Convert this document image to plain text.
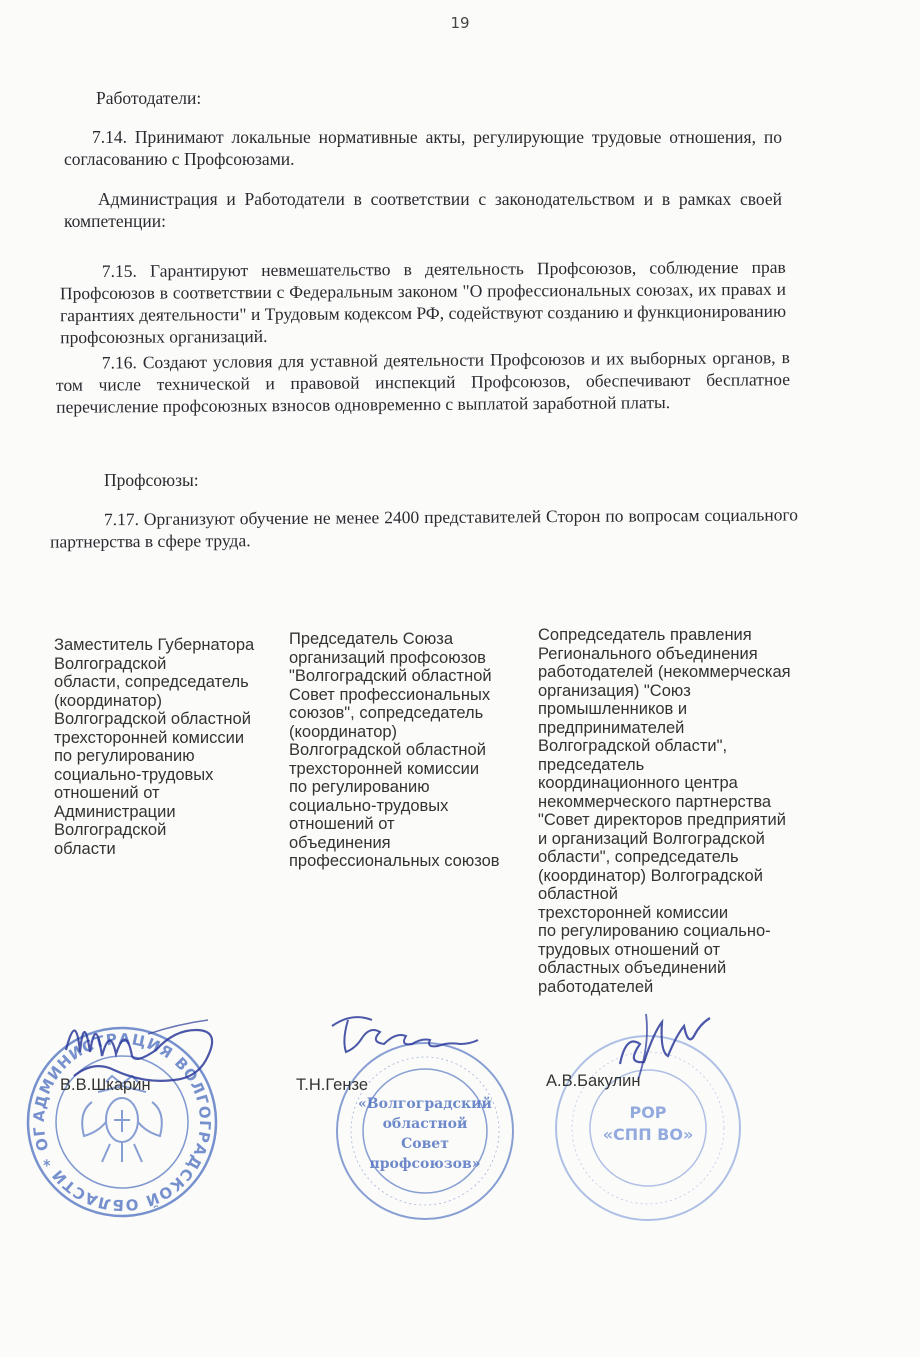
19

Работодатели:

7.14. Принимают локальные нормативные акты, регулирующие трудовые отношения, по согласованию с Профсоюзами.

Администрация и Работодатели в соответствии с законодательством и в рамках своей компетенции:

7.15. Гарантируют невмешательство в деятельность Профсоюзов, соблюдение прав Профсоюзов в соответствии с Федеральным законом "О профессиональных союзах, их правах и гарантиях деятельности" и Трудовым кодексом РФ, содействуют созданию и функционированию профсоюзных организаций.

7.16. Создают условия для уставной деятельности Профсоюзов и их выборных органов, в том числе технической и правовой инспекций Профсоюзов, обеспечивают бесплатное перечисление профсоюзных взносов одновременно с выплатой заработной платы.

Профсоюзы:

7.17. Организуют обучение не менее 2400 представителей Сторон по вопросам социального партнерства в сфере труда.

Заместитель Губернатора
Волгоградской
области, сопредседатель
(координатор)
Волгоградской областной
трехсторонней комиссии
по регулированию
социально-трудовых
отношений от
Администрации
Волгоградской
области
Председатель Союза
организаций профсоюзов
"Волгоградский областной
Совет профессиональных
союзов", сопредседатель
(координатор)
Волгоградской областной
трехсторонней комиссии
по регулированию
социально-трудовых
отношений от
объединения
профессиональных союзов
Сопредседатель правления
Регионального объединения
работодателей (некоммерческая
организация) "Союз
промышленников и
предпринимателей
Волгоградской области",
председатель
координационного центра
некоммерческого партнерства
"Совет директоров предприятий
и организаций Волгоградской
области", сопредседатель
(координатор) Волгоградской
областной
трехсторонней комиссии
по регулированию социально-
трудовых отношений от
областных объединений
работодателей
АДМИНИСТРАЦИЯ ВОЛГОГРАДСКОЙ ОБЛАСТИ * ОГРН 1023403444547 *
«Волгоградский
областной
Совет
профсоюзов»
РОР
«СПП ВО»
В.В.Шкарин	Т.Н.Гензе	А.В.Бакулин
